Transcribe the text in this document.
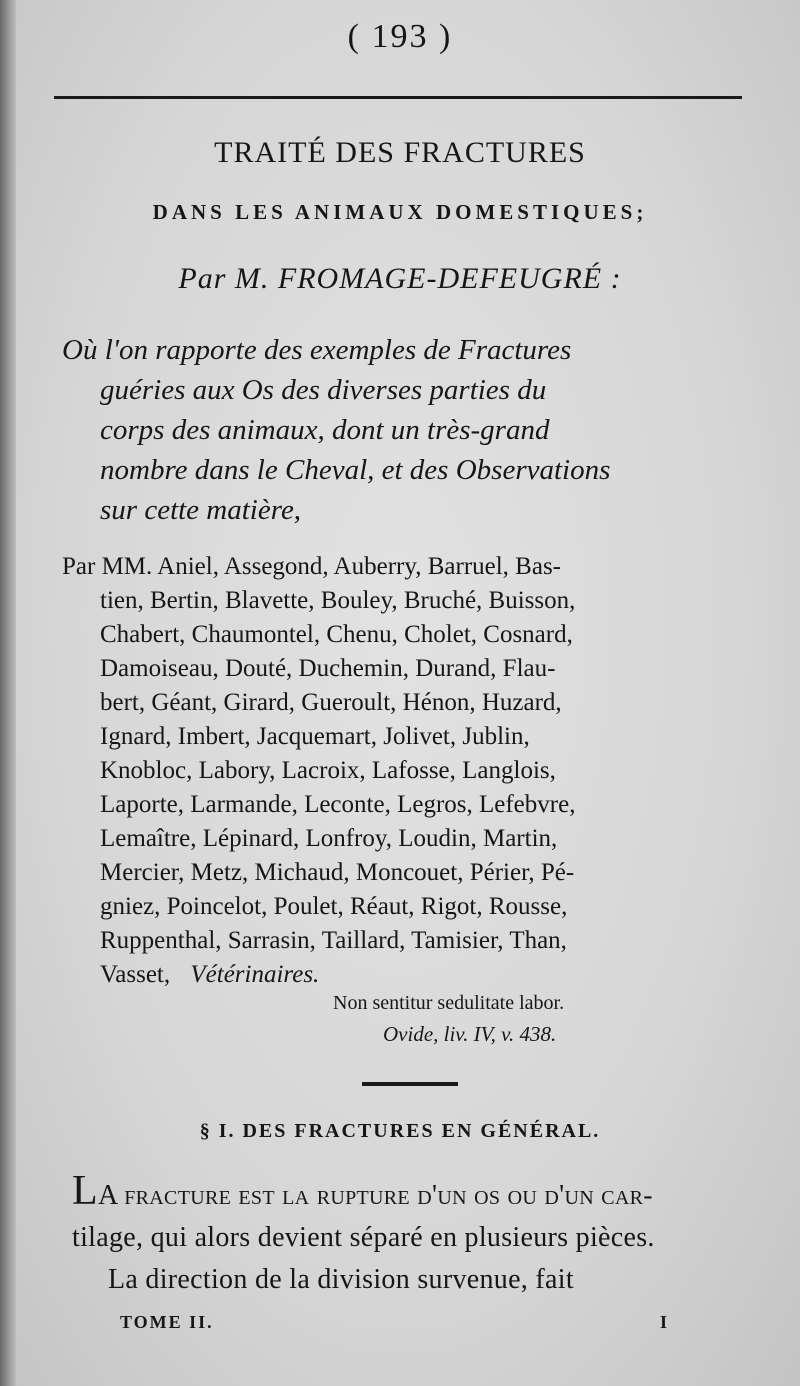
( 193 )
TRAITÉ DES FRACTURES
DANS LES ANIMAUX DOMESTIQUES;
Par M. FROMAGE-DEFEUGRÉ :
Où l'on rapporte des exemples de Fractures
guéries aux Os des diverses parties du
corps des animaux, dont un très-grand
nombre dans le Cheval, et des Observations
sur cette matière,
Par MM. Aniel, Assegond, Auberry, Barruel, Bas-
tien, Bertin, Blavette, Bouley, Bruché, Buisson,
Chabert, Chaumontel, Chenu, Cholet, Cosnard,
Damoiseau, Douté, Duchemin, Durand, Flau-
bert, Géant, Girard, Gueroult, Hénon, Huzard,
Ignard, Imbert, Jacquemart, Jolivet, Jublin,
Knobloc, Labory, Lacroix, Lafosse, Langlois,
Laporte, Larmande, Leconte, Legros, Lefebvre,
Lemaître, Lépinard, Lonfroy, Loudin, Martin,
Mercier, Metz, Michaud, Moncouet, Périer, Pé-
gniez, Poincelot, Poulet, Réaut, Rigot, Rousse,
Ruppenthal, Sarrasin, Taillard, Tamisier, Than,
Vasset, Vétérinaires.
Non sentitur sedulitate labor.
Ovide, liv. IV, v. 438.
§ I. DES FRACTURES EN GÉNÉRAL.
LA fracture est la rupture d'un os ou d'un car-
tilage, qui alors devient séparé en plusieurs pièces.
La direction de la division survenue, fait
TOME II.	I
